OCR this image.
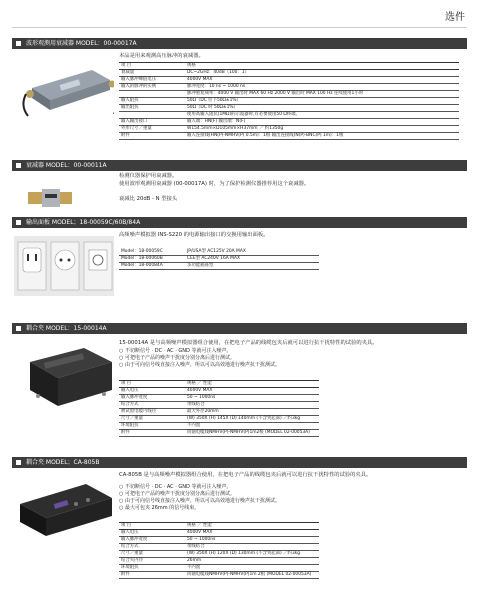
选件
波形观测用衰减器 MODEL：00-00017A
本品是用来观测高压脉冲的衰减器。
项 目	规格
衰减量	DC~2GHz：40dB（100：1）
输入脉冲峰值电压	4000V MAX
输入的脉冲的实例	脉冲宽度：10 ns ~ 1000 ns
	脉冲重复频率：4000 V 输出时 MAX 60 Hz 2000 V 输出时 MAX 100 Hz 连续使用1小时
输入阻抗	50Ω（DC 位下50Ω±1%）
输出阻抗	50Ω（DC 时 50Ω±1%）
	使用高输入阻抗(1MΩ)的示波器时,有必要使用50 Ω终端。
输入输出接口	输入端：HN(F) 输出端：N(F)
外形尺寸／重量	W154.5mm×D105mm×H37mm ／ 约1350g
附件	输入连接线(HN(P)-NMHV(P) 0.5m)：1根 输出连接线(N(P)-BNC(P) 1m)：1根
衰减器 MODEL：00-00011A
检测仪器保护用衰减器。
使用波形观测用衰减器 (00-00017A) 时，为了保护检测仪器推荐用这个衰减器。
衰减比 20dB - N 型接头
输出面板 MODEL；18-00059C/60B/84A
高频噪声模拟器 INS-S220 的电源输出接口的交换用输出面板。
Model：18-00059C	JP/USA型 AC125V 20A MAX
Model：18-00060B	CEE型 AC240V 16A MAX
Model：18-00084A	多功能插座型
耦合夹 MODEL：15-00014A
15-00014A 是与高频噪声模拟器组合使用，在把电子产品的线缆包夹后就可以进行抗干扰特性的试验的夹具。
○ 不切断信号 · DC · AC · GND 等就可注入噪声。
○ 可把电子产品的噪声干扰度分别分离后进行测试。
○ 由于可向信号线直接注入噪声，所以可以高效地进行噪声抗干扰测试。
项 目	规格 ／ 性能
输入电压	4000V MAX
输入脉冲宽度	50 ~ 1000ns
结合方式	带线结合
被试验电缆可线径	最大外径20mm
尺寸／重量	(W) 350X (H) 145X (D) 140mm (不含突起部) ／约3kg
环境阻抗	不内置
附件	同轴电缆线NMHV(P)-NMHV(P)1m2根 (MODEL 02-00053A)
耦合夹 MODEL；CA-805B
CA-805B 是与高频噪声模拟器组合使用，在把电子产品的线缆包夹后就可以进行抗干扰特性的试验的夹具。
○ 不切断信号 · DC · AC · GND 等就可注入噪声。
○ 可把电子产品的噪声干扰度分别分离后进行测试。
○ 由于可向信号线直接注入噪声，所以可以高效地进行噪声抗干扰测试。
○ 最大可包夹 26mm 的信号线束。
项 目	规格 ／ 性能
输入电压	4000V MAX
输入脉冲宽度	50 ~ 1000ns
结合方式	带线结合
尺寸／重量	(W) 350X (H) 120X (D) 130mm (不含突起部) ／约3kg
结合夹内径	26mm
环境阻抗	不内置
附件	同轴电缆线NMHV(P)-NMHV(P)1m 2根 (MODEL 02-00053A)
